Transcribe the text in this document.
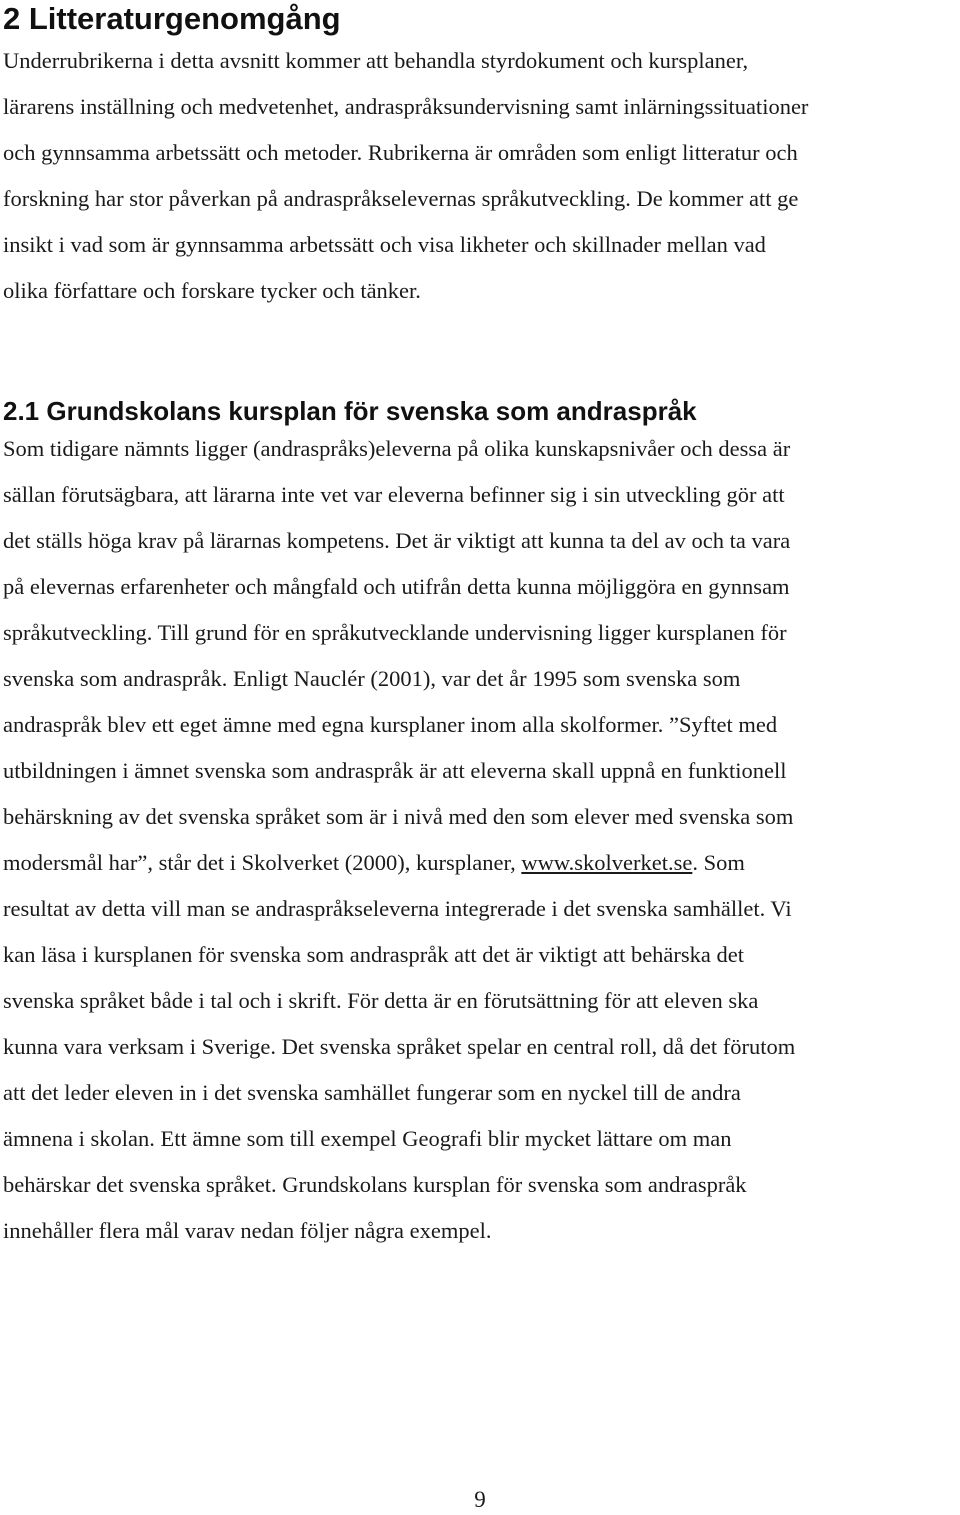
2 Litteraturgenomgång

Underrubrikerna i detta avsnitt kommer att behandla styrdokument och kursplaner,
lärarens inställning och medvetenhet, andraspråksundervisning samt inlärningssituationer
och gynnsamma arbetssätt och metoder. Rubrikerna är områden som enligt litteratur och
forskning har stor påverkan på andraspråkselevernas språkutveckling. De kommer att ge
insikt i vad som är gynnsamma arbetssätt och visa likheter och skillnader mellan vad
olika författare och forskare tycker och tänker.

2.1 Grundskolans kursplan för svenska som andraspråk

Som tidigare nämnts ligger (andraspråks)eleverna på olika kunskapsnivåer och dessa är
sällan förutsägbara, att lärarna inte vet var eleverna befinner sig i sin utveckling gör att
det ställs höga krav på lärarnas kompetens. Det är viktigt att kunna ta del av och ta vara
på elevernas erfarenheter och mångfald och utifrån detta kunna möjliggöra en gynnsam
språkutveckling. Till grund för en språkutvecklande undervisning ligger kursplanen för
svenska som andraspråk. Enligt Nauclér (2001), var det år 1995 som svenska som
andraspråk blev ett eget ämne med egna kursplaner inom alla skolformer. ”Syftet med
utbildningen i ämnet svenska som andraspråk är att eleverna skall uppnå en funktionell
behärskning av det svenska språket som är i nivå med den som elever med svenska som
modersmål har”, står det i Skolverket (2000), kursplaner, www.skolverket.se. Som
resultat av detta vill man se andraspråkseleverna integrerade i det svenska samhället. Vi
kan läsa i kursplanen för svenska som andraspråk att det är viktigt att behärska det
svenska språket både i tal och i skrift. För detta är en förutsättning för att eleven ska
kunna vara verksam i Sverige. Det svenska språket spelar en central roll, då det förutom
att det leder eleven in i det svenska samhället fungerar som en nyckel till de andra
ämnena i skolan. Ett ämne som till exempel Geografi blir mycket lättare om man
behärskar det svenska språket. Grundskolans kursplan för svenska som andraspråk
innehåller flera mål varav nedan följer några exempel.

9
